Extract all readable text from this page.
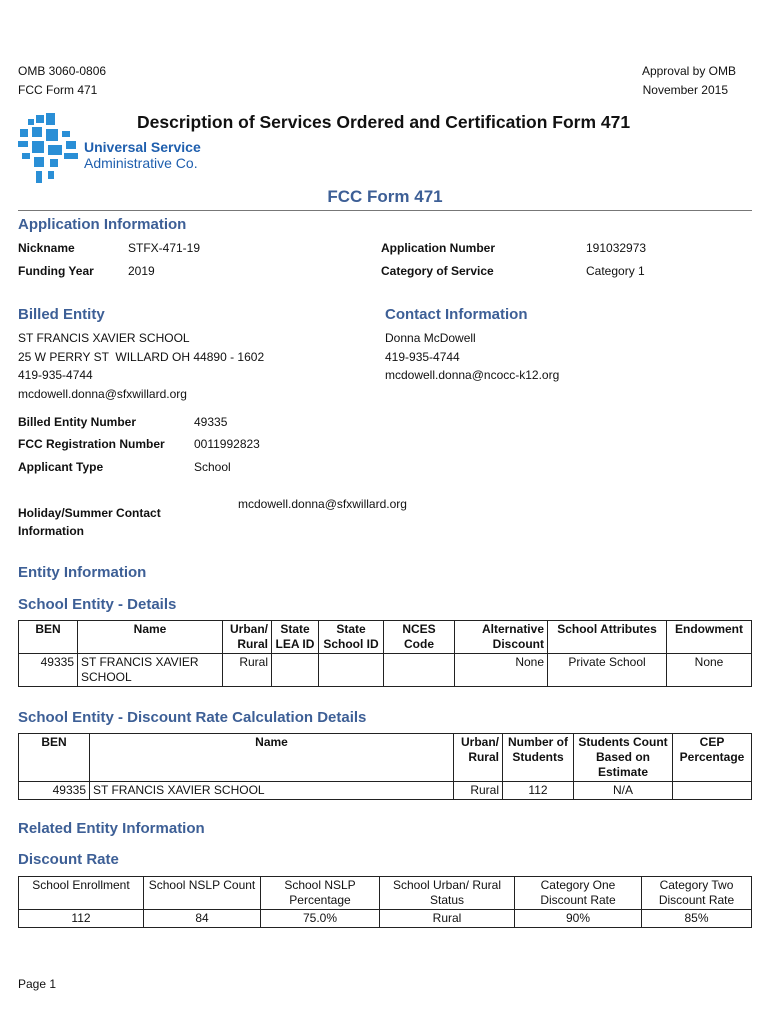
OMB 3060-0806
FCC Form 471
Approval by OMB
November 2015
Universal Service
Administrative Co.
Description of Services Ordered and Certification Form 471
FCC Form 471
Application Information
Nickname	STFX-471-19
Funding Year	2019
Application Number	191032973
Category of Service	Category 1
Billed Entity
ST FRANCIS XAVIER SCHOOL
25 W PERRY ST  WILLARD OH 44890 - 1602
419-935-4744
mcdowell.donna@sfxwillard.org
Contact Information
Donna McDowell
419-935-4744
mcdowell.donna@ncocc-k12.org
Billed Entity Number	49335
FCC Registration Number 0011992823
Applicant Type	School
Holiday/Summer Contact
Information
mcdowell.donna@sfxwillard.org
Entity Information
School Entity - Details
BEN	Name	Urban/ Rural	State LEA ID	State School ID	NCES Code	Alternative Discount	School Attributes	Endowment
49335	ST FRANCIS XAVIER SCHOOL	Rural				None	Private School	None
School Entity - Discount Rate Calculation Details
BEN	Name	Urban/ Rural	Number of Students	Students Count Based on Estimate	CEP Percentage
49335	ST FRANCIS XAVIER SCHOOL	Rural	112	N/A	
Related Entity Information
Discount Rate
School Enrollment	School NSLP Count	School NSLP Percentage	School Urban/ Rural Status	Category One Discount Rate	Category Two Discount Rate
112	84	75.0%	Rural	90%	85%
Page 1
